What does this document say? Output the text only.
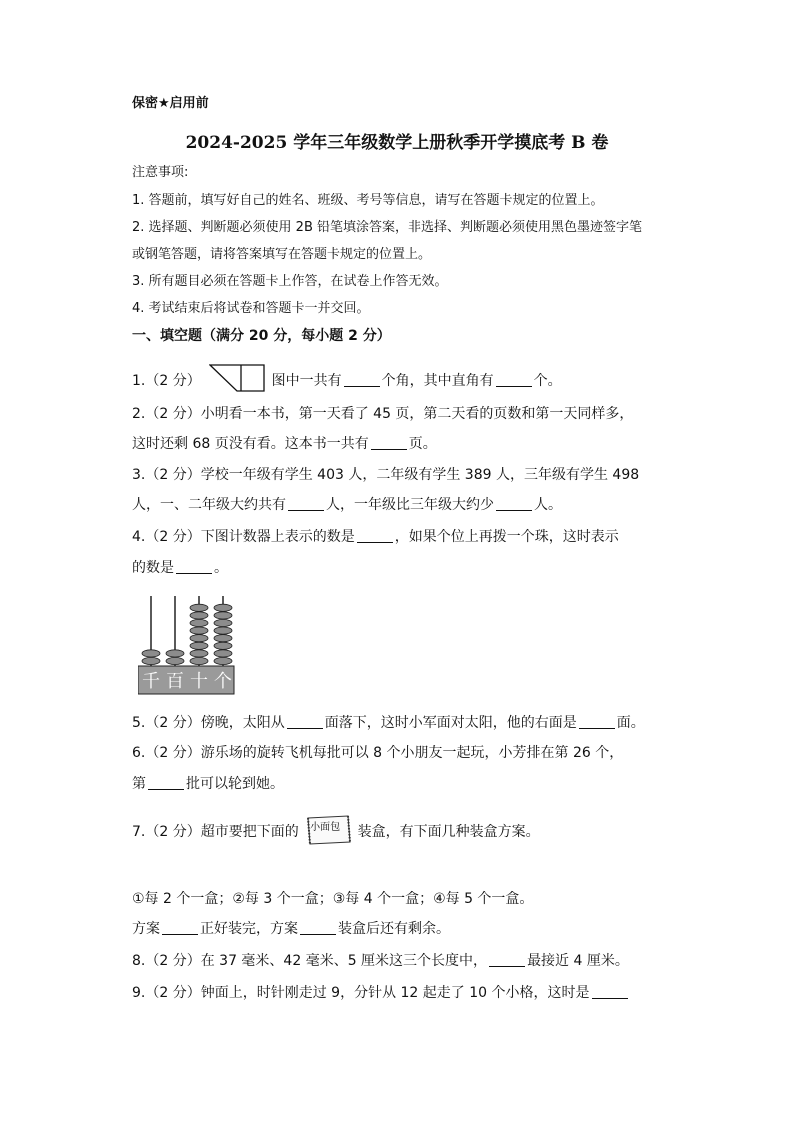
保密★启用前
2024-2025 学年三年级数学上册秋季开学摸底考 B 卷
注意事项:
1. 答题前，填写好自己的姓名、班级、考号等信息，请写在答题卡规定的位置上。
2. 选择题、判断题必须使用 2B 铅笔填涂答案，非选择、判断题必须使用黑色墨迹签字笔
或钢笔答题，请将答案填写在答题卡规定的位置上。
3. 所有题目必须在答题卡上作答，在试卷上作答无效。
4. 考试结束后将试卷和答题卡一并交回。
一、填空题（满分 20 分，每小题 2 分）
1.（2 分）	图中一共有	个角，其中直角有	个。
2.（2 分）小明看一本书，第一天看了 45 页，第二天看的页数和第一天同样多，
这时还剩 68 页没有看。这本书一共有	页。
3.（2 分）学校一年级有学生 403 人，二年级有学生 389 人，三年级有学生 498
人，一、二年级大约共有	人，一年级比三年级大约少	人。
4.（2 分）下图计数器上表示的数是	，如果个位上再拨一个珠，这时表示
的数是	。
千 百 十 个
5.（2 分）傍晚，太阳从	面落下，这时小军面对太阳，他的右面是	面。
6.（2 分）游乐场的旋转飞机每批可以 8 个小朋友一起玩，小芳排在第 26 个，
第	批可以轮到她。
7.（2 分）超市要把下面的 小面包 装盒，有下面几种装盒方案。
①每 2 个一盒；②每 3 个一盒；③每 4 个一盒；④每 5 个一盒。
方案	正好装完，方案	装盒后还有剩余。
8.（2 分）在 37 毫米、42 毫米、5 厘米这三个长度中，	最接近 4 厘米。
9.（2 分）钟面上，时针刚走过 9，分针从 12 起走了 10 个小格，这时是
